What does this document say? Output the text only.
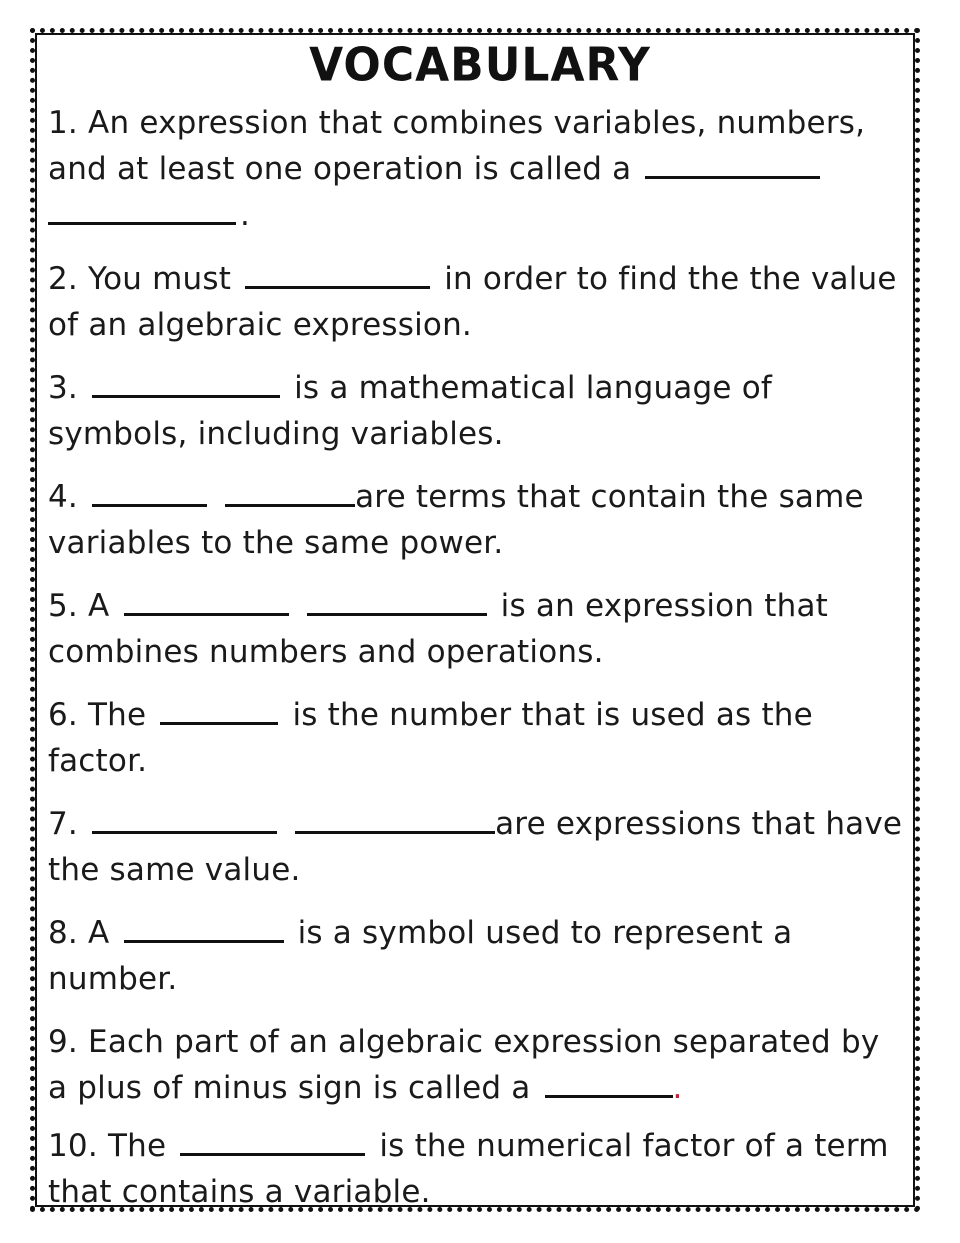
VOCABULARY
1. An expression that combines variables, numbers, and at least one operation is called a
.
2. You must	in order to find the the value of an algebraic expression.
3.	is a mathematical language of symbols, including variables.
4.	are terms that contain the same variables to the same power.
5. A	is an expression that combines numbers and operations.
6. The	is the number that is used as the factor.
7.	are expressions that have the same value.
8. A	is a symbol used to represent a number.
9. Each part of an algebraic expression separated by a plus of minus sign is called a	.
10. The	is the numerical factor of a term that contains a variable.
